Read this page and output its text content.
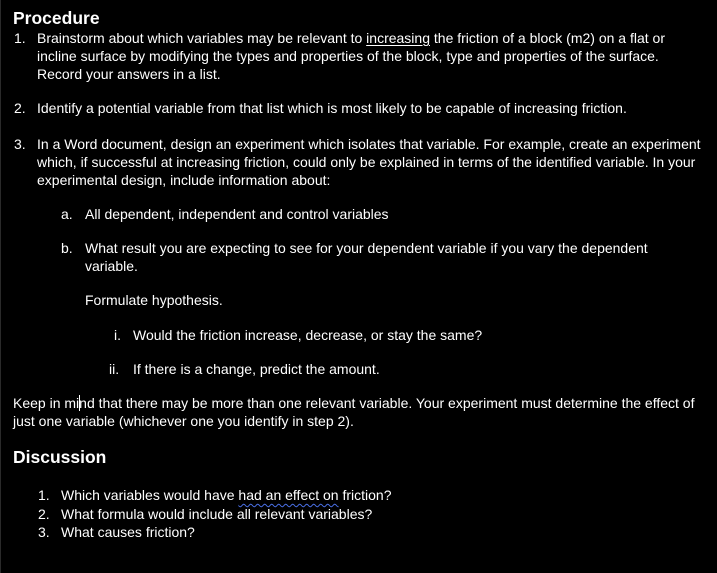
Procedure
1. Brainstorm about which variables may be relevant to increasing the friction of a block (m2) on a flat or incline surface by modifying the types and properties of the block, type and properties of the surface. Record your answers in a list.
2. Identify a potential variable from that list which is most likely to be capable of increasing friction.
3. In a Word document, design an experiment which isolates that variable. For example, create an experiment which, if successful at increasing friction, could only be explained in terms of the identified variable. In your experimental design, include information about:
a. All dependent, independent and control variables
b. What result you are expecting to see for your dependent variable if you vary the dependent variable.
Formulate hypothesis.
i. Would the friction increase, decrease, or stay the same?
ii. If there is a change, predict the amount.
Keep in mind that there may be more than one relevant variable. Your experiment must determine the effect of just one variable (whichever one you identify in step 2).
Discussion
1. Which variables would have had an effect on friction?
2. What formula would include all relevant variables?
3. What causes friction?
